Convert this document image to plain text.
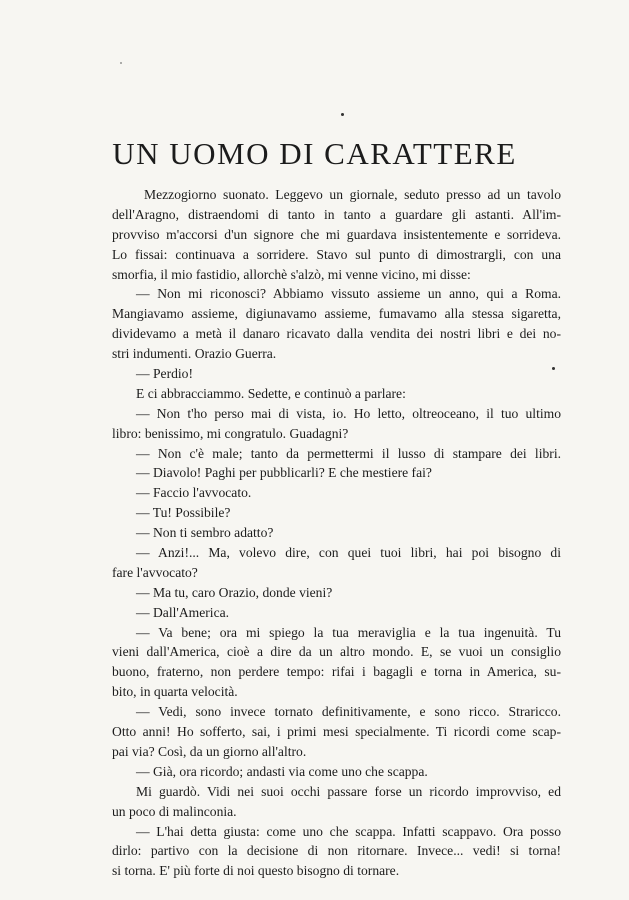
UN UOMO DI CARATTERE
Mezzogiorno suonato. Leggevo un giornale, seduto presso ad un tavolo
dell'Aragno, distraendomi di tanto in tanto a guardare gli astanti. All'im-
provviso m'accorsi d'un signore che mi guardava insistentemente e sorrideva.
Lo fissai: continuava a sorridere. Stavo sul punto di dimostrargli, con una
smorfia, il mio fastidio, allorchè s'alzò, mi venne vicino, mi disse:
— Non mi riconosci? Abbiamo vissuto assieme un anno, qui a Roma.
Mangiavamo assieme, digiunavamo assieme, fumavamo alla stessa sigaretta,
dividevamo a metà il danaro ricavato dalla vendita dei nostri libri e dei no-
stri indumenti. Orazio Guerra.
— Perdio!
E ci abbracciammo. Sedette, e continuò a parlare:
— Non t'ho perso mai di vista, io. Ho letto, oltreoceano, il tuo ultimo
libro: benissimo, mi congratulo. Guadagni?
— Non c'è male; tanto da permettermi il lusso di stampare dei libri.
— Diavolo! Paghi per pubblicarli? E che mestiere fai?
— Faccio l'avvocato.
— Tu! Possibile?
— Non ti sembro adatto?
— Anzi!... Ma, volevo dire, con quei tuoi libri, hai poi bisogno di
fare l'avvocato?
— Ma tu, caro Orazio, donde vieni?
— Dall'America.
— Va bene; ora mi spiego la tua meraviglia e la tua ingenuità. Tu
vieni dall'America, cioè a dire da un altro mondo. E, se vuoi un consiglio
buono, fraterno, non perdere tempo: rifai i bagagli e torna in America, su-
bito, in quarta velocità.
— Vedi, sono invece tornato definitivamente, e sono ricco. Straricco.
Otto anni! Ho sofferto, sai, i primi mesi specialmente. Ti ricordi come scap-
pai via? Così, da un giorno all'altro.
— Già, ora ricordo; andasti via come uno che scappa.
Mi guardò. Vidi nei suoi occhi passare forse un ricordo improvviso, ed
un poco di malinconia.
— L'hai detta giusta: come uno che scappa. Infatti scappavo. Ora posso
dirlo: partivo con la decisione di non ritornare. Invece... vedi! si torna!
si torna. E' più forte di noi questo bisogno di tornare.
